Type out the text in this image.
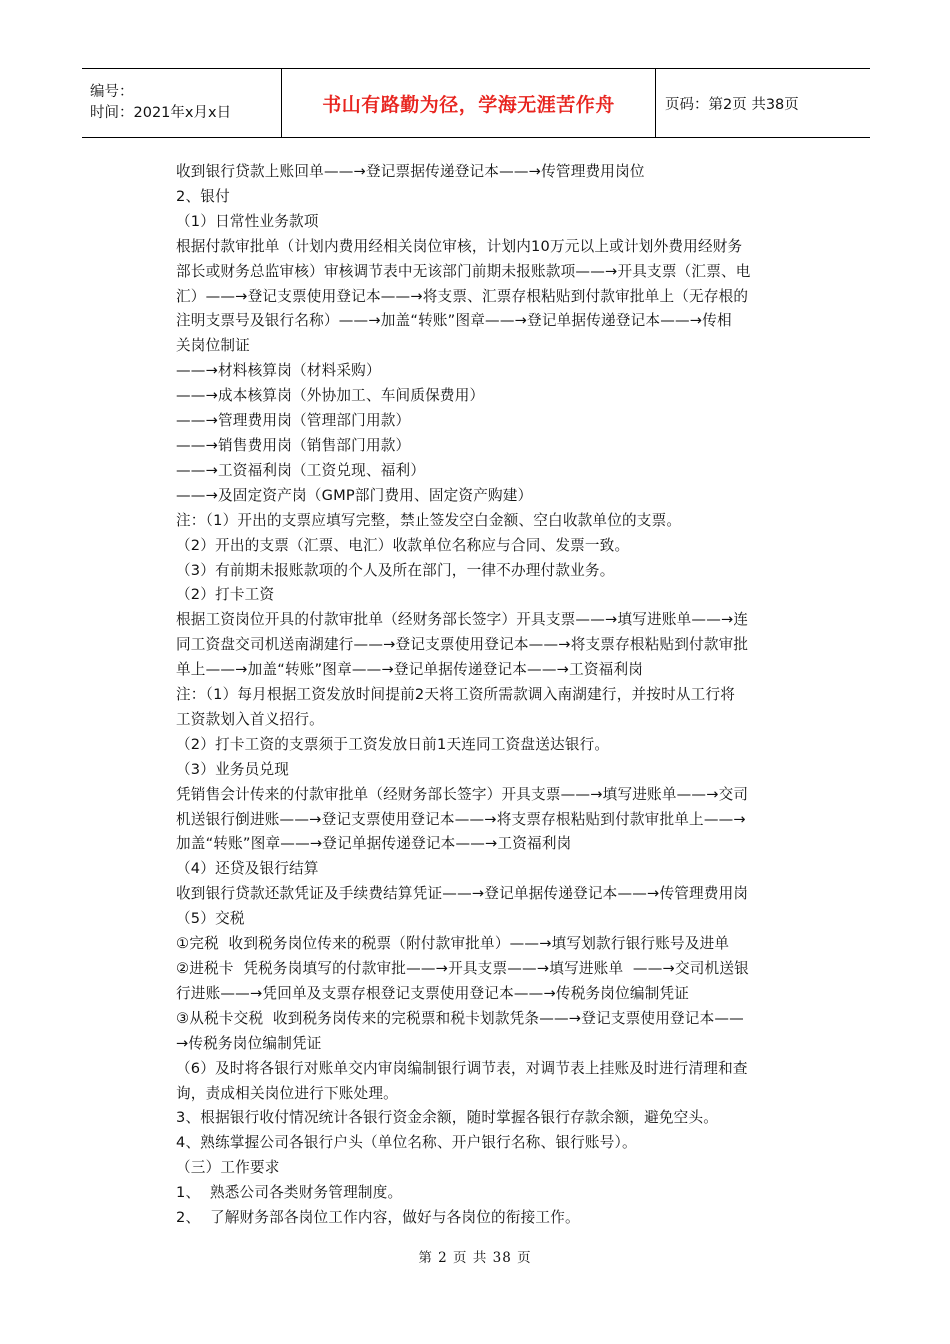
编号：
时间：2021年x月x日	书山有路勤为径，学海无涯苦作舟	页码：第2页 共38页

收到银行贷款上账回单——→登记票据传递登记本——→传管理费用岗位

2、银付

（1）日常性业务款项

根据付款审批单（计划内费用经相关岗位审核，计划内10万元以上或计划外费用经财务

部长或财务总监审核）审核调节表中无该部门前期未报账款项——→开具支票（汇票、电

汇）——→登记支票使用登记本——→将支票、汇票存根粘贴到付款审批单上（无存根的

注明支票号及银行名称）——→加盖“转账”图章——→登记单据传递登记本——→传相

关岗位制证

——→材料核算岗（材料采购）

——→成本核算岗（外协加工、车间质保费用）

——→管理费用岗（管理部门用款）

——→销售费用岗（销售部门用款）

——→工资福利岗（工资兑现、福利）

——→及固定资产岗（GMP部门费用、固定资产购建）

注：（1）开出的支票应填写完整，禁止签发空白金额、空白收款单位的支票。

（2）开出的支票（汇票、电汇）收款单位名称应与合同、发票一致。

（3）有前期未报账款项的个人及所在部门，一律不办理付款业务。

（2）打卡工资

根据工资岗位开具的付款审批单（经财务部长签字）开具支票——→填写进账单——→连

同工资盘交司机送南湖建行——→登记支票使用登记本——→将支票存根粘贴到付款审批

单上——→加盖“转账”图章——→登记单据传递登记本——→工资福利岗

注：（1）每月根据工资发放时间提前2天将工资所需款调入南湖建行，并按时从工行将

工资款划入首义招行。

（2）打卡工资的支票须于工资发放日前1天连同工资盘送达银行。

（3）业务员兑现

凭销售会计传来的付款审批单（经财务部长签字）开具支票——→填写进账单——→交司

机送银行倒进账——→登记支票使用登记本——→将支票存根粘贴到付款审批单上——→

加盖“转账”图章——→登记单据传递登记本——→工资福利岗

（4）还贷及银行结算

收到银行贷款还款凭证及手续费结算凭证——→登记单据传递登记本——→传管理费用岗

（5）交税

①完税  收到税务岗位传来的税票（附付款审批单）——→填写划款行银行账号及进单

②进税卡  凭税务岗填写的付款审批——→开具支票——→填写进账单  ——→交司机送银

行进账——→凭回单及支票存根登记支票使用登记本——→传税务岗位编制凭证

③从税卡交税  收到税务岗传来的完税票和税卡划款凭条——→登记支票使用登记本——

→传税务岗位编制凭证

（6）及时将各银行对账单交内审岗编制银行调节表，对调节表上挂账及时进行清理和查

询，责成相关岗位进行下账处理。

3、根据银行收付情况统计各银行资金余额，随时掌握各银行存款余额，避免空头。

4、熟练掌握公司各银行户头（单位名称、开户银行名称、银行账号）。

（三）工作要求

1、  熟悉公司各类财务管理制度。

2、  了解财务部各岗位工作内容，做好与各岗位的衔接工作。

第 2 页 共 38 页
